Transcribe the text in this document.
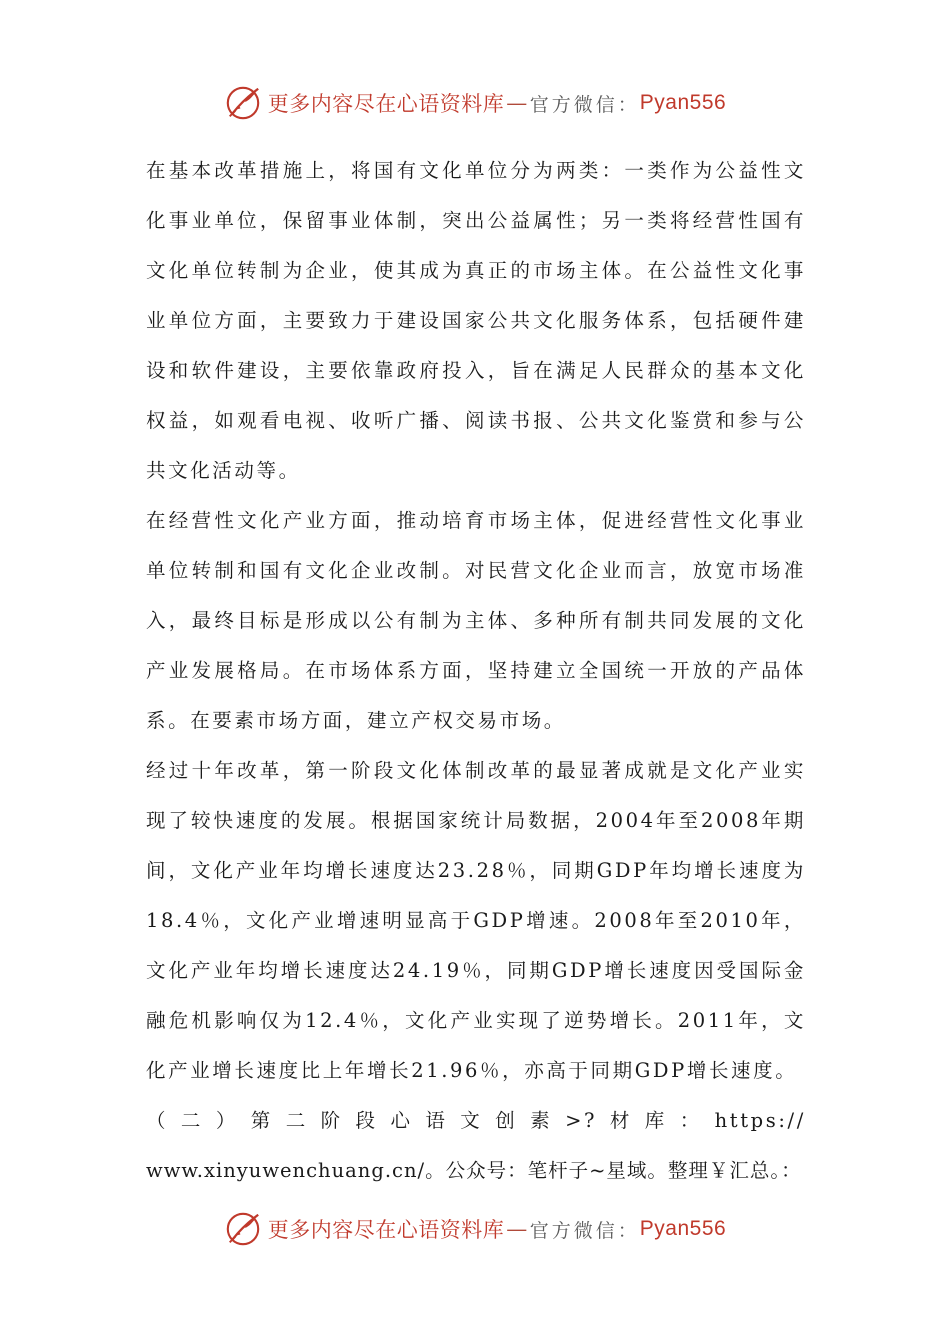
更多内容尽在心语资料库 — 官方微信： Pyan556

在基本改革措施上，将国有文化单位分为两类：一类作为公益性文化事业单位，保留事业体制，突出公益属性；另一类将经营性国有文化单位转制为企业，使其成为真正的市场主体。在公益性文化事业单位方面，主要致力于建设国家公共文化服务体系，包括硬件建设和软件建设，主要依靠政府投入，旨在满足人民群众的基本文化权益，如观看电视、收听广播、阅读书报、公共文化鉴赏和参与公共文化活动等。

在经营性文化产业方面，推动培育市场主体，促进经营性文化事业单位转制和国有文化企业改制。对民营文化企业而言，放宽市场准入，最终目标是形成以公有制为主体、多种所有制共同发展的文化产业发展格局。在市场体系方面，坚持建立全国统一开放的产品体系。在要素市场方面，建立产权交易市场。

经过十年改革，第一阶段文化体制改革的最显著成就是文化产业实现了较快速度的发展。根据国家统计局数据，2004年至2008年期间，文化产业年均增长速度达23.28％，同期GDP年均增长速度为18.4％，文化产业增速明显高于GDP增速。2008年至2010年，文化产业年均增长速度达24.19％，同期GDP增长速度因受国际金融危机影响仅为12.4％，文化产业实现了逆势增长。2011年，文化产业增长速度比上年增长21.96％，亦高于同期GDP增长速度。

（ 二 ） 第 二 阶 段 心 语 文 创 素 >? 材 库 ： https://

www.xinyuwenchuang.cn/。公众号：笔杆子~星域。整理￥汇总。：

更多内容尽在心语资料库 — 官方微信： Pyan556
